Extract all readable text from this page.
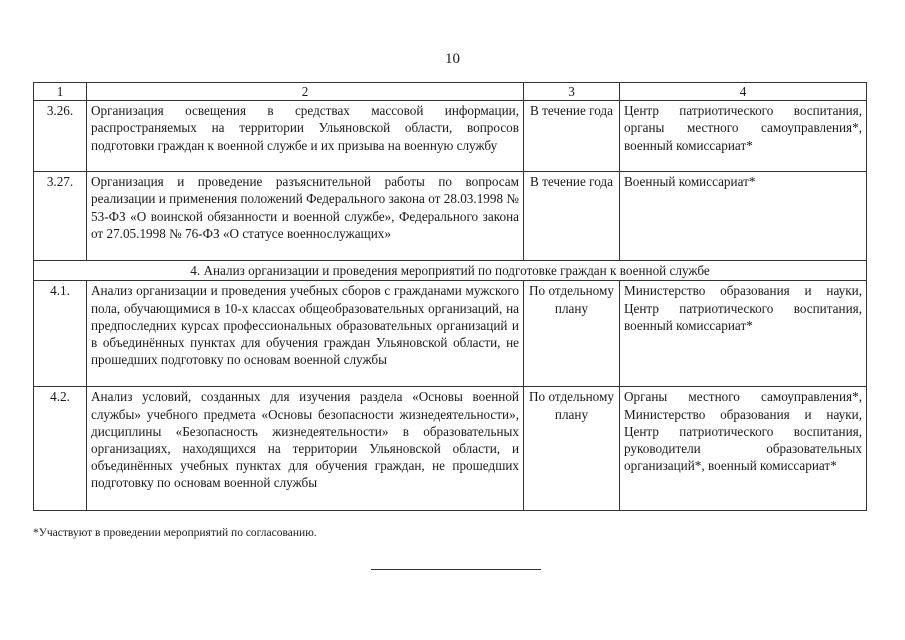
10
1	2	3	4
3.26.	Организация освещения в средствах массовой информации, распространяемых на территории Ульяновской области, вопросов подготовки граждан к военной службе и их призыва на военную службу	В течение года	Центр патриотического воспитания, органы местного самоуправления*, военный комиссариат*
3.27.	Организация и проведение разъяснительной работы по вопросам реализации и применения положений Федерального закона от 28.03.1998 № 53-ФЗ «О воинской обязанности и военной службе», Федерального закона от 27.05.1998 № 76-ФЗ «О статусе военнослужащих»	В течение года	Военный комиссариат*
4. Анализ организации и проведения мероприятий по подготовке граждан к военной службе			
4.1.	Анализ организации и проведения учебных сборов с гражданами мужского пола, обучающимися в 10-х классах общеобразовательных организаций, на предпоследних курсах профессиональных образовательных организаций и в объединённых пунктах для обучения граждан Ульяновской области, не прошедших подготовку по основам военной службы	По отдельному плану	Министерство образования и науки, Центр патриотического воспитания, военный комиссариат*
4.2.	Анализ условий, созданных для изучения раздела «Основы военной службы» учебного предмета «Основы безопасности жизнедеятельности», дисциплины «Безопасность жизнедеятельности» в образовательных организациях, находящихся на территории Ульяновской области, и объединённых учебных пунктах для обучения граждан, не прошедших подготовку по основам военной службы	По отдельному плану	Органы местного самоуправления*, Министерство образования и науки, Центр патриотического воспитания, руководители образовательных организаций*, военный комиссариат*
*Участвуют в проведении мероприятий по согласованию.
